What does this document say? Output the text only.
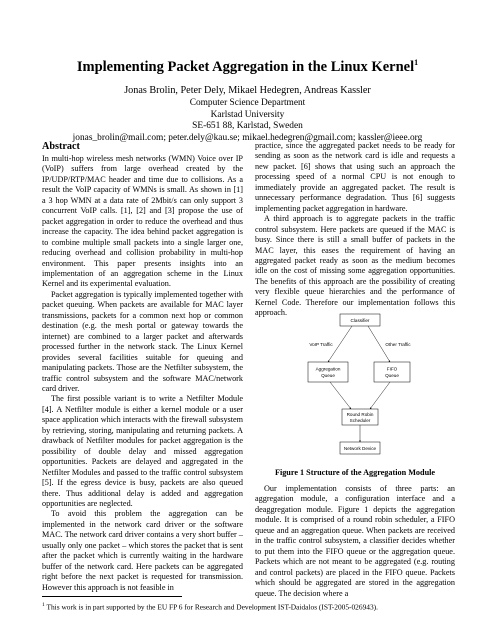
Implementing Packet Aggregation in the Linux Kernel$^1$
Jonas Brolin, Peter Dely, Mikael Hedegren, Andreas Kassler
Computer Science Department
Karlstad University
SE-651 88, Karlstad, Sweden
jonas_brolin@mail.com; peter.dely@kau.se; mikael.hedegren@gmail.com; kassler@ieee.org
Abstract

In multi-hop wireless mesh networks (WMN) Voice over IP (VoIP) suffers from large overhead created by the IP/UDP/RTP/MAC header and time due to collisions. As a result the VoIP capacity of WMNs is small. As shown in [1] a 3 hop WMN at a data rate of 2Mbit/s can only support 3 concurrent VoIP calls. [1], [2] and [3] propose the use of packet aggregation in order to reduce the overhead and thus increase the capacity. The idea behind packet aggregation is to combine multiple small packets into a single larger one, reducing overhead and collision probability in multi-hop environment. This paper presents insights into an implementation of an aggregation scheme in the Linux Kernel and its experimental evaluation.

Packet aggregation is typically implemented together with packet queuing. When packets are available for MAC layer transmissions, packets for a common next hop or common destination (e.g. the mesh portal or gateway towards the internet) are combined to a larger packet and afterwards processed further in the network stack. The Linux Kernel provides several facilities suitable for queuing and manipulating packets. Those are the Netfilter subsystem, the traffic control subsystem and the software MAC/network card driver.

The first possible variant is to write a Netfilter Module [4]. A Netfilter module is either a kernel module or a user space application which interacts with the firewall subsystem by retrieving, storing, manipulating and returning packets. A drawback of Netfilter modules for packet aggregation is the possibility of double delay and missed aggregation opportunities. Packets are delayed and aggregated in the Netfilter Modules and passed to the traffic control subsystem [5]. If the egress device is busy, packets are also queued there. Thus additional delay is added and aggregation opportunities are neglected.

To avoid this problem the aggregation can be implemented in the network card driver or the software MAC. The network card driver contains a very short buffer – usually only one packet – which stores the packet that is sent after the packet which is currently waiting in the hardware buffer of the network card. Here packets can be aggregated right before the next packet is requested for transmission. However this approach is not feasible in

practice, since the aggregated packet needs to be ready for sending as soon as the network card is idle and requests a new packet. [6] shows that using such an approach the processing speed of a normal CPU is not enough to immediately provide an aggregated packet. The result is unnecessary performance degradation. Thus [6] suggests implementing packet aggregation in hardware.

A third approach is to aggregate packets in the traffic control subsystem. Here packets are queued if the MAC is busy. Since there is still a small buffer of packets in the MAC layer, this eases the requirement of having an aggregated packet ready as soon as the medium becomes idle on the cost of missing some aggregation opportunities. The benefits of this approach are the possibility of creating very flexible queue hierarchies and the performance of Kernel Code. Therefore our implementation follows this approach.

Classifier
VoIP Traffic	Other Traffic
Aggregation
Queue
FIFO
Queue
Round Robin
Scheduler
Network Device
Figure 1 Structure of the Aggregation Module

Our implementation consists of three parts: an aggregation module, a configuration interface and a deaggregation module. Figure 1 depicts the aggregation module. It is comprised of a round robin scheduler, a FIFO queue and an aggregation queue. When packets are received in the traffic control subsystem, a classifier decides whether to put them into the FIFO queue or the aggregation queue. Packets which are not meant to be aggregated (e.g. routing and control packets) are placed in the FIFO queue. Packets which should be aggregated are stored in the aggregation queue. The decision where a

$^1$ This work is in part supported by the EU FP 6 for Research and Development IST-Daidalos (IST-2005-026943).
